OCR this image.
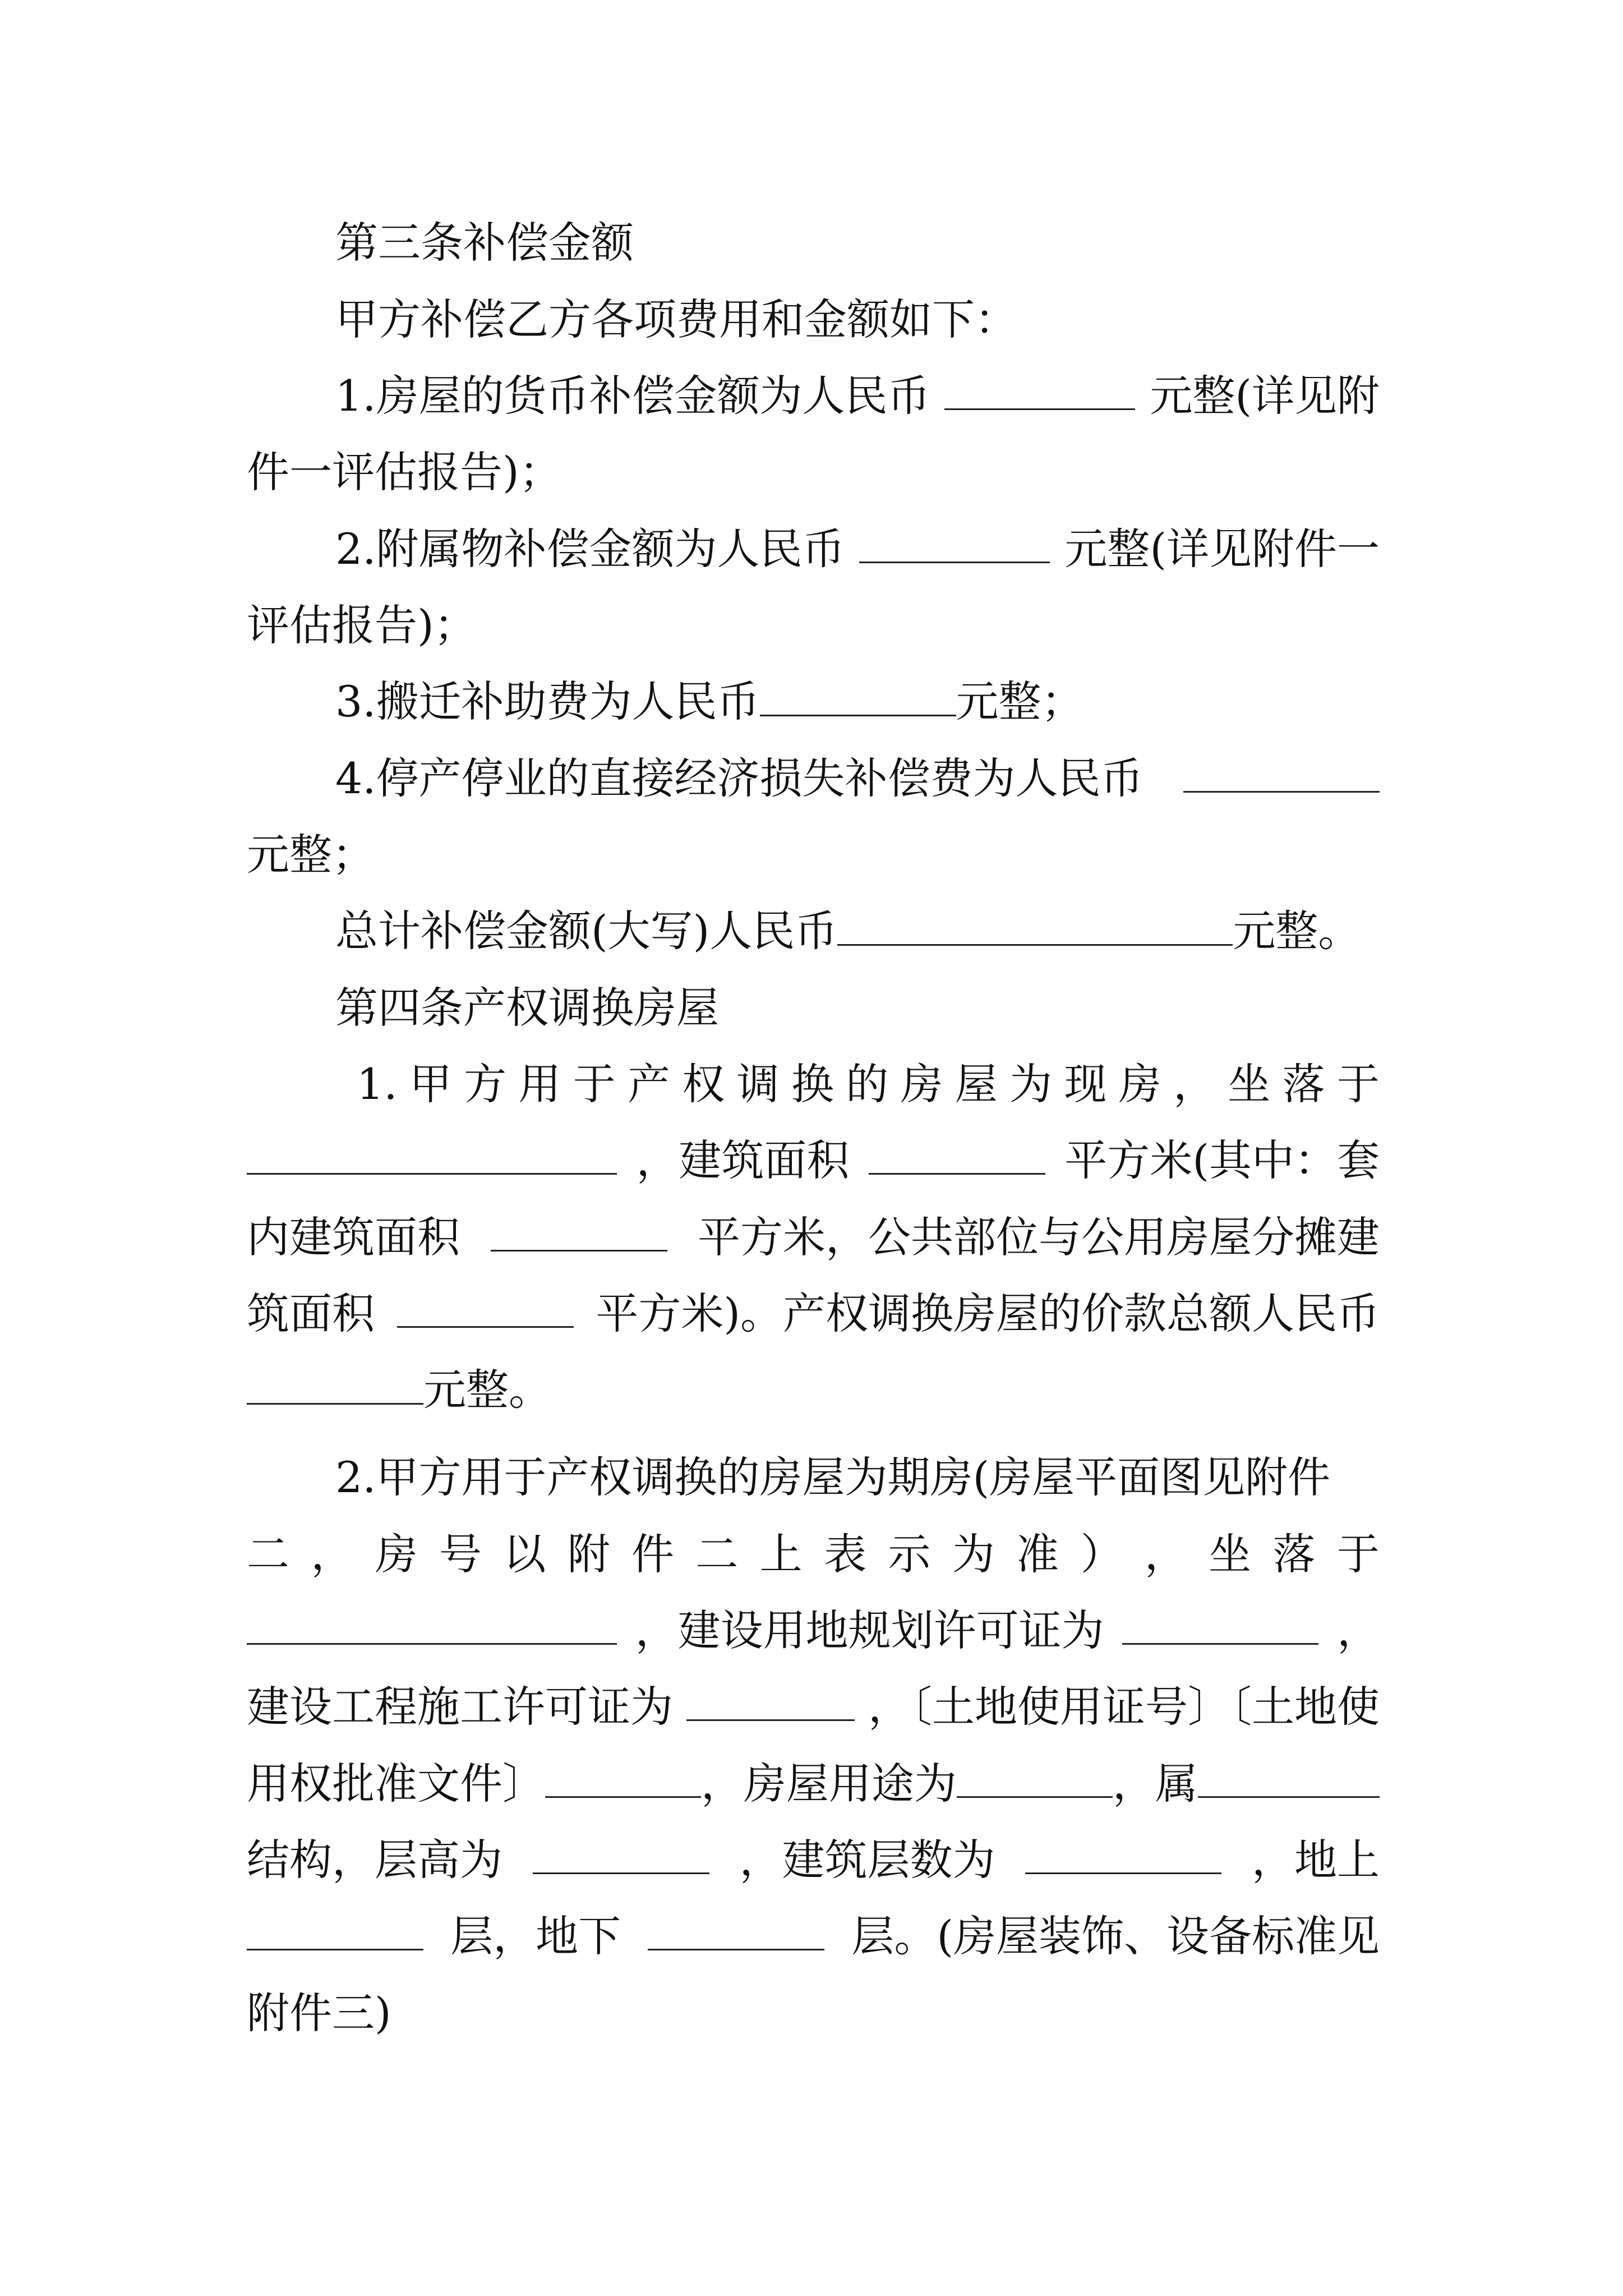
第三条补偿金额
甲方补偿乙方各项费用和金额如下：
1.房屋的货币补偿金额为人民币	元整(详见附
件一评估报告)；
2.附属物补偿金额为人民币	元整(详见附件一
评估报告)；
3.搬迁补助费为人民币	元整；
4.停产停业的直接经济损失补偿费为人民币
元整；
总计补偿金额(大写)人民币	元整。
第四条产权调换房屋
1. 甲 方 用 于 产 权 调 换 的 房 屋 为 现 房 ， 坐 落 于
，建筑面积	平方米(其中：套
内建筑面积	平方米，公共部位与公用房屋分摊建
筑面积	平方米)。产权调换房屋的价款总额人民币
元整。
2.甲方用于产权调换的房屋为期房(房屋平面图见附件
二 ， 房 号 以 附 件 二 上 表 示 为 准 ） ， 坐 落 于
，建设用地规划许可证为	，
建设工程施工许可证为	，〔土地使用证号〕〔土地使
用权批准文件〕	，房屋用途为	，属
结构，层高为	，建筑层数为	，地上
层，地下	层。(房屋装饰、设备标准见
附件三)
